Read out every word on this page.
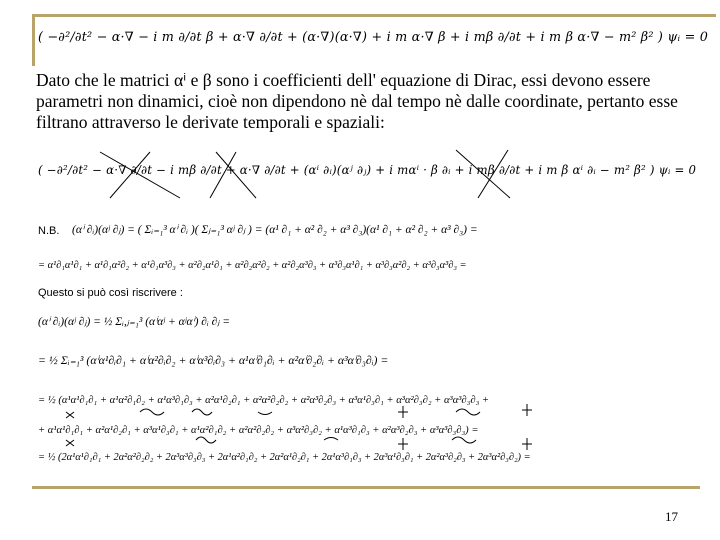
( −∂²/∂t² − α·∇ − i m ∂/∂t β + α·∇ ∂/∂t + (α·∇)(α·∇) + i m α·∇ β + i mβ ∂/∂t + i m β α·∇ − m² β² ) ψᵢ = 0
Dato che le matrici αⁱ e β sono i coefficienti dell' equazione di Dirac, essi devono essere parametri non dinamici, cioè non dipendono nè dal tempo nè dalle coordinate, pertanto esse filtrano attraverso le derivate temporali e spaziali:
( −∂²/∂t² − α·∇ ∂/∂t − i mβ ∂/∂t + α·∇ ∂/∂t + (αⁱ ∂ᵢ)(αʲ ∂ⱼ) + i mαⁱ · β ∂ᵢ + i mβ ∂/∂t + i m β αⁱ ∂ᵢ − m² β² ) ψᵢ = 0
N.B. (αⁱ ∂ᵢ)(αʲ ∂ⱼ) = ( Σᵢ₌₁³ αⁱ ∂ᵢ )( Σⱼ₌₁³ αʲ ∂ⱼ ) = (α¹ ∂₁ + α² ∂₂ + α³ ∂₃)(α¹ ∂₁ + α² ∂₂ + α³ ∂₃) =
= α¹∂₁α¹∂₁ + α¹∂₁α²∂₂ + α¹∂₁α³∂₃ + α²∂₂α¹∂₁ + α²∂₂α²∂₂ + α²∂₂α³∂₃ + α³∂₃α¹∂₁ + α³∂₃α²∂₂ + α³∂₃α³∂₃ =
Questo si può così riscrivere :
(αⁱ ∂ᵢ)(αʲ ∂ⱼ) = ½ Σᵢ,ⱼ₌₁³ (αⁱαʲ + αʲαⁱ) ∂ᵢ ∂ⱼ =
= ½ Σᵢ₌₁³ (αⁱα¹∂ᵢ∂₁ + αⁱα²∂ᵢ∂₂ + αⁱα³∂ᵢ∂₃ + α¹αⁱ∂₁∂ᵢ + α²αⁱ∂₂∂ᵢ + α³αⁱ∂₃∂ᵢ) =
= ½ (α¹α¹∂₁∂₁ + α¹α²∂₁∂₂ + α¹α³∂₁∂₃ + α²α¹∂₂∂₁ + α²α²∂₂∂₂ + α²α³∂₂∂₃ + α³α¹∂₃∂₁ + α³α²∂₃∂₂ + α³α³∂₃∂₃ +
+ α¹α¹∂₁∂₁ + α²α¹∂₂∂₁ + α³α¹∂₃∂₁ + α¹α²∂₁∂₂ + α²α²∂₂∂₂ + α³α²∂₃∂₂ + α¹α³∂₁∂₃ + α²α³∂₂∂₃ + α³α³∂₃∂₃) =
= ½ (2α¹α¹∂₁∂₁ + 2α²α²∂₂∂₂ + 2α³α³∂₃∂₃ + 2α¹α²∂₁∂₂ + 2α²α¹∂₂∂₁ + 2α¹α³∂₁∂₃ + 2α³α¹∂₃∂₁ + 2α²α³∂₂∂₃ + 2α³α²∂₃∂₂) =
17
